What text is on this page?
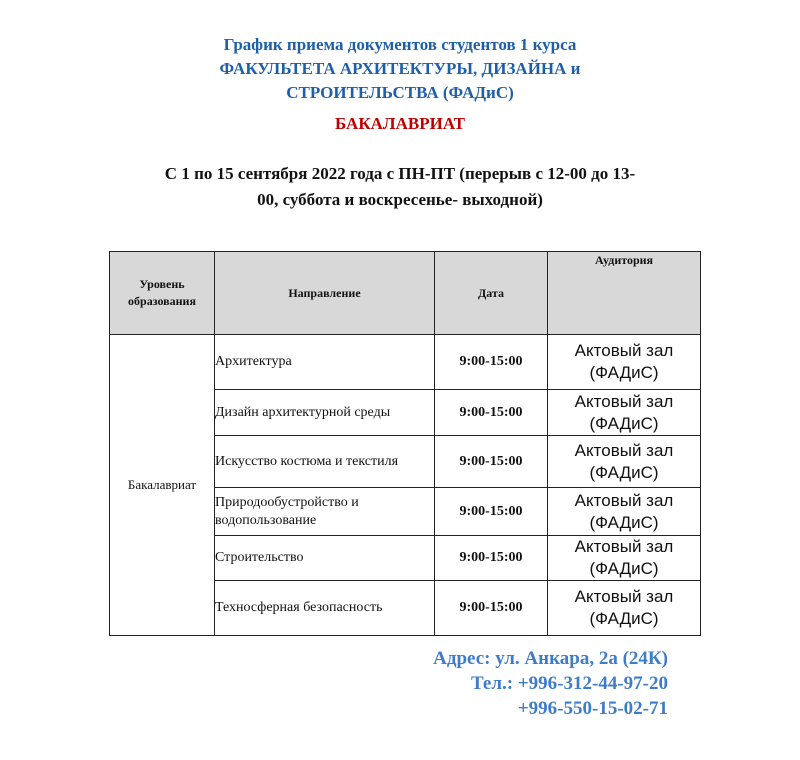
График приема документов студентов 1 курса
ФАКУЛЬТЕТА АРХИТЕКТУРЫ, ДИЗАЙНА и
СТРОИТЕЛЬСТВА (ФАДиС)
БАКАЛАВРИАТ
С 1 по 15 сентября 2022 года с ПН-ПТ (перерыв с 12-00 до 13-
00, суббота и воскресенье- выходной)
Уровень образования	Направление	Дата	Аудитория
Бакалавриат	Архитектура	9:00-15:00	Актовый зал (ФАДиС)
	Дизайн архитектурной среды	9:00-15:00	Актовый зал (ФАДиС)
	Искусство костюма и текстиля	9:00-15:00	Актовый зал (ФАДиС)
	Природообустройство и водопользование	9:00-15:00	Актовый зал (ФАДиС)
	Строительство	9:00-15:00	Актовый зал (ФАДиС)
	Техносферная безопасность	9:00-15:00	Актовый зал (ФАДиС)
Адрес: ул. Анкара, 2а (24К)
Тел.: +996-312-44-97-20
+996-550-15-02-71
